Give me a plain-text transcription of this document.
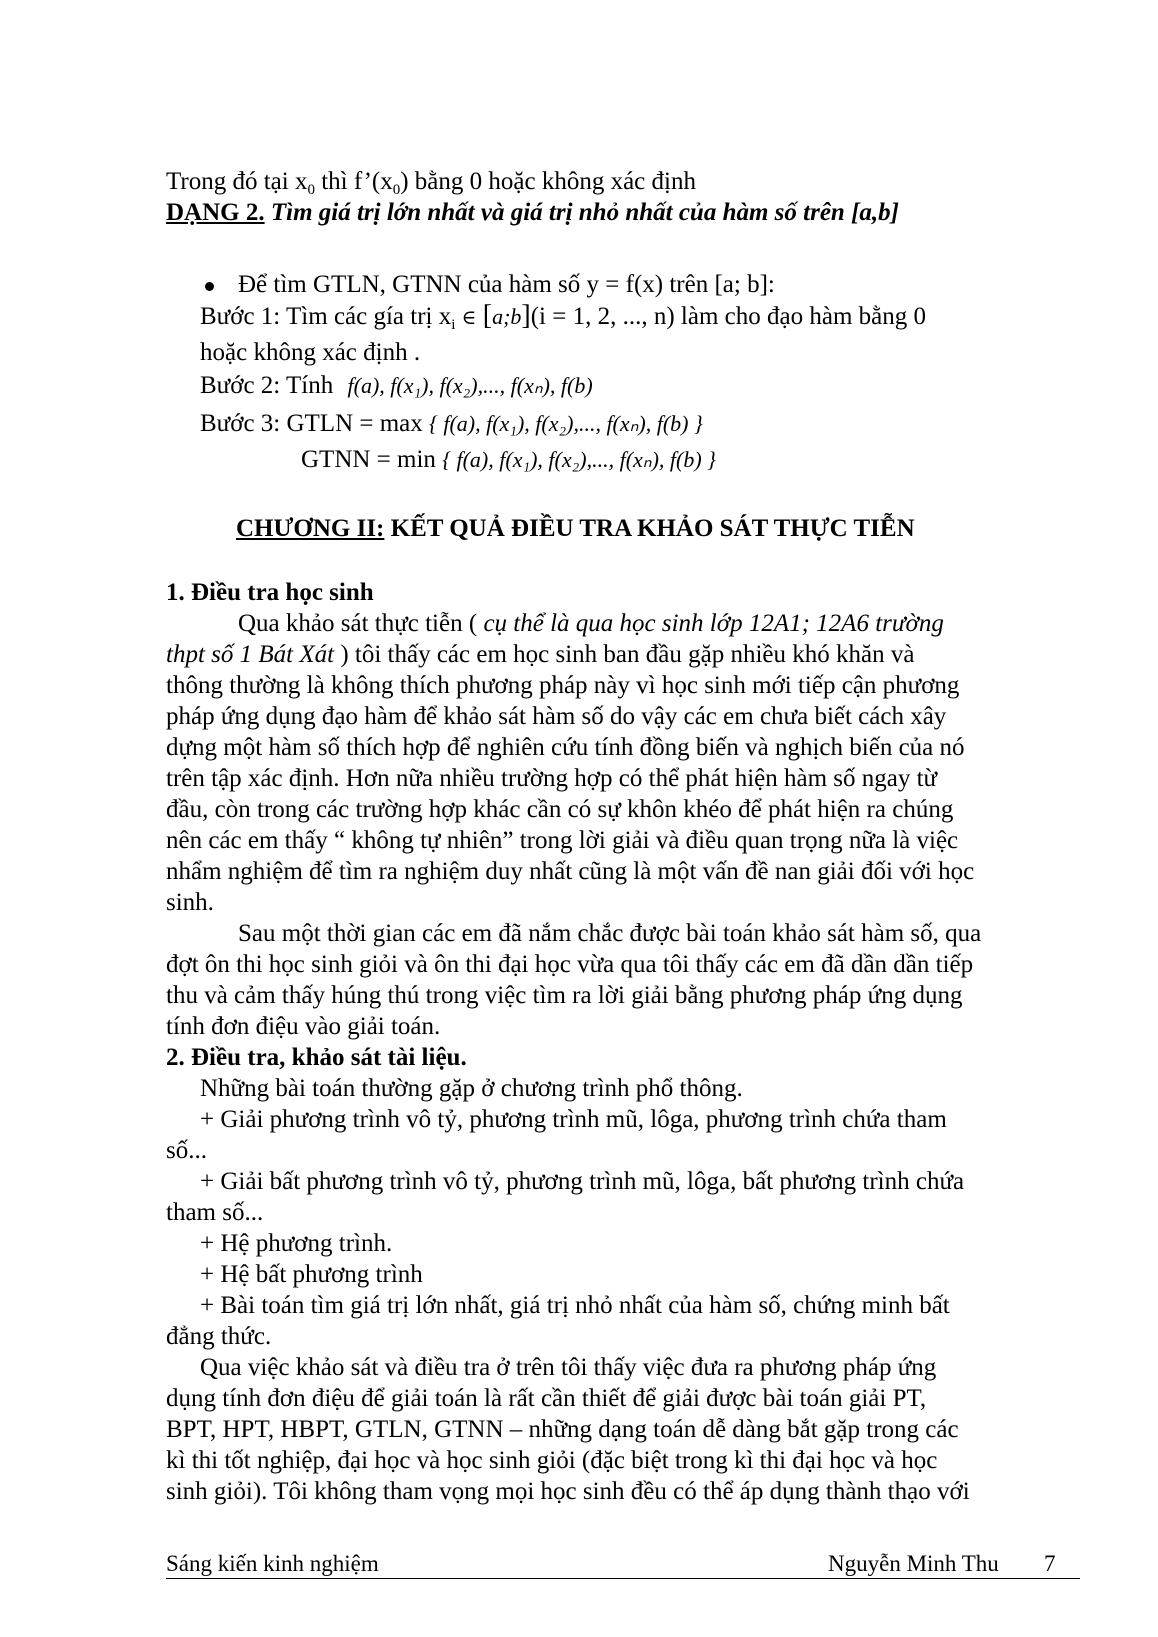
Trong đó tại $x_0$ thì $f’(x_0)$ bằng 0 hoặc không xác định
DẠNG 2. Tìm giá trị lớn nhất và giá trị nhỏ nhất của hàm số trên [a,b]
Để tìm GTLN, GTNN của hàm số y = f(x) trên [a; b]:
Bước 1: Tìm các gía trị $x_i$ ∈ [a;b](i = 1, 2, ..., n) làm cho đạo hàm bằng 0
hoặc không xác định .
Bước 2: Tính f(a), f(x₁), f(x₂),..., f(xₙ), f(b)
Bước 3: GTLN = max { f(a), f(x₁), f(x₂),..., f(xₙ), f(b) }
GTNN = min { f(a), f(x₁), f(x₂),..., f(xₙ), f(b) }
CHƯƠNG II: KẾT QUẢ ĐIỀU TRA KHẢO SÁT THỰC TIỄN
1. Điều tra học sinh
Qua khảo sát thực tiễn ( cụ thể là qua học sinh lớp 12A1; 12A6 trường
thpt số 1 Bát Xát ) tôi thấy các em học sinh ban đầu gặp nhiều khó khăn và
thông thường là không thích phương pháp này vì học sinh mới tiếp cận phương
pháp ứng dụng đạo hàm để khảo sát hàm số do vậy các em chưa biết cách xây
dựng một hàm số thích hợp để nghiên cứu tính đồng biến và nghịch biến của nó
trên tập xác định. Hơn nữa nhiều trường hợp có thể phát hiện hàm số ngay từ
đầu, còn trong các trường hợp khác cần có sự khôn khéo để phát hiện ra chúng
nên các em thấy “ không tự nhiên” trong lời giải và điều quan trọng nữa là việc
nhẩm nghiệm để tìm ra nghiệm duy nhất cũng là một vấn đề nan giải đối với học
sinh.
Sau một thời gian các em đã nắm chắc được bài toán khảo sát hàm số, qua
đợt ôn thi học sinh giỏi và ôn thi đại học vừa qua tôi thấy các em đã dần dần tiếp
thu và cảm thấy húng thú trong việc tìm ra lời giải bằng phương pháp ứng dụng
tính đơn điệu vào giải toán.
2. Điều tra, khảo sát tài liệu.
Những bài toán thường gặp ở chương trình phổ thông.
+ Giải phương trình vô tỷ, phương trình mũ, lôga, phương trình chứa tham
số...
+ Giải bất phương trình vô tỷ, phương trình mũ, lôga, bất phương trình chứa
tham số...
+ Hệ phương trình.
+ Hệ bất phương trình
+ Bài toán tìm giá trị lớn nhất, giá trị nhỏ nhất của hàm số, chứng minh bất
đẳng thức.
Qua việc khảo sát và điều tra ở trên tôi thấy việc đưa ra phương pháp ứng
dụng tính đơn điệu để giải toán là rất cần thiết để giải được bài toán giải PT,
BPT, HPT, HBPT, GTLN, GTNN – những dạng toán dễ dàng bắt gặp trong các
kì thi tốt nghiệp, đại học và học sinh giỏi (đặc biệt trong kì thi đại học và học
sinh giỏi). Tôi không tham vọng mọi học sinh đều có thể áp dụng thành thạo với
Sáng kiến kinh nghiệm	Nguyễn Minh Thu 7
